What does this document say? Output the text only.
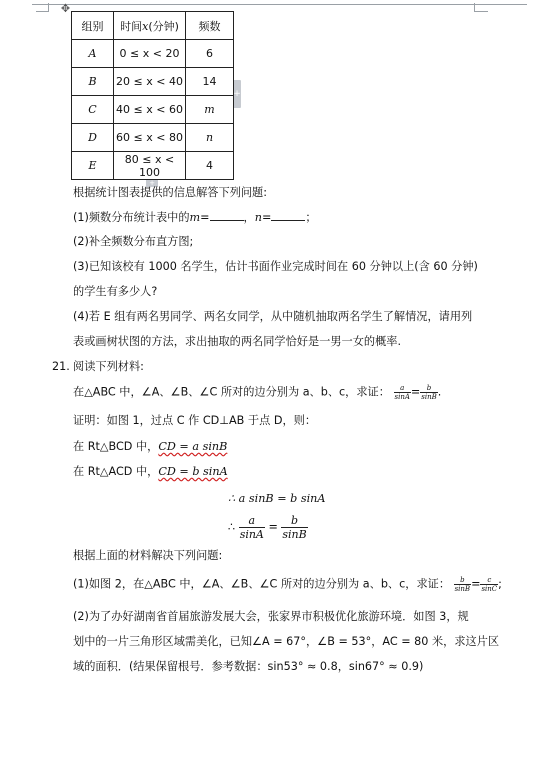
✥
+
+
组别	时间x(分钟)	频数
A	0 ≤ x < 20	6
B	20 ≤ x < 40	14
C	40 ≤ x < 60	m
D	60 ≤ x < 80	n
E	80 ≤ x < 100	4
根据统计图表提供的信息解答下列问题:
(1)频数分布统计表中的m=	，n=	；
(2)补全频数分布直方图;
(3)已知该校有 1000 名学生，估计书面作业完成时间在 60 分钟以上(含 60 分钟)
的学生有多少人?
(4)若 E 组有两名男同学、两名女同学，从中随机抽取两名学生了解情况，请用列
表或画树状图的方法，求出抽取的两名同学恰好是一男一女的概率.
21. 阅读下列材料:
在△ABC 中，∠A、∠B、∠C 所对的边分别为 a、b、c，求证： $\frac{a}{\sin A} = \frac{b}{\sin B}$ .
证明：如图 1，过点 C 作 CD⊥AB 于点 D，则：
在 Rt△BCD 中，CD = a sinB
在 Rt△ACD 中，CD = b sinA
∴ a sinB = b sinA
∴ $\frac{a}{\sin A} = \frac{b}{\sin B}$
根据上面的材料解决下列问题:
(1)如图 2，在△ABC 中，∠A、∠B、∠C 所对的边分别为 a、b、c，求证： $\frac{b}{\sin B} = \frac{c}{\sin C}$ ;
(2)为了办好湖南省首届旅游发展大会，张家界市积极优化旅游环境．如图 3，规
划中的一片三角形区域需美化，已知∠A = 67°，∠B = 53°，AC = 80 米，求这片区
域的面积．(结果保留根号．参考数据：sin53° ≈ 0.8，sin67° ≈ 0.9)
